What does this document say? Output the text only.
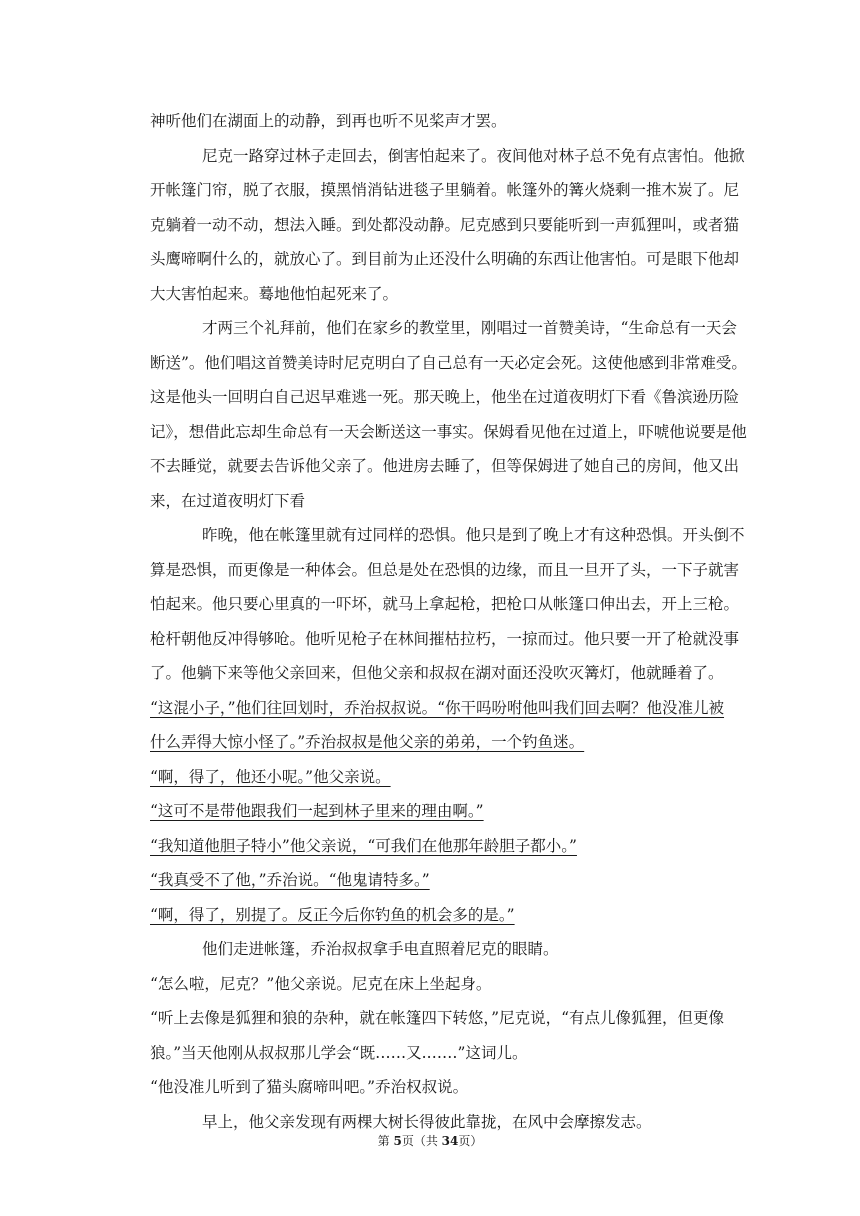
神听他们在湖面上的动静，到再也听不见桨声才罢。
尼克一路穿过林子走回去，倒害怕起来了。夜间他对林子总不免有点害怕。他掀
开帐篷门帘，脱了衣服，摸黑悄消钻进毯子里躺着。帐篷外的篝火烧剩一推木炭了。尼
克躺着一动不动，想法入睡。到处都没动静。尼克感到只要能听到一声狐狸叫，或者猫
头鹰啼啊什么的，就放心了。到目前为止还没什么明确的东西让他害怕。可是眼下他却
大大害怕起来。蓦地他怕起死来了。
才两三个礼拜前，他们在家乡的教堂里，刚唱过一首赞美诗，“生命总有一天会
断送”。他们唱这首赞美诗时尼克明白了自己总有一天必定会死。这使他感到非常难受。
这是他头一回明白自己迟早难逃一死。那天晚上，他坐在过道夜明灯下看《鲁滨逊历险
记》，想借此忘却生命总有一天会断送这一事实。保姆看见他在过道上，吓唬他说要是他
不去睡觉，就要去告诉他父亲了。他进房去睡了，但等保姆进了她自己的房间，他又出
来，在过道夜明灯下看
昨晚，他在帐篷里就有过同样的恐惧。他只是到了晚上才有这种恐惧。开头倒不
算是恐惧，而更像是一种体会。但总是处在恐惧的边缘，而且一旦开了头，一下子就害
怕起来。他只要心里真的一吓坏，就马上拿起枪，把枪口从帐篷口伸出去，开上三枪。
枪杆朝他反冲得够呛。他听见枪子在林间摧枯拉朽，一掠而过。他只要一开了枪就没事
了。他躺下来等他父亲回来，但他父亲和叔叔在湖对面还没吹灭篝灯，他就睡着了。
“这混小子，”他们往回划时，乔治叔叔说。“你干吗吩咐他叫我们回去啊？他没准儿被
什么弄得大惊小怪了。”乔治叔叔是他父亲的弟弟，一个钓鱼迷。
“啊，得了，他还小呢。”他父亲说。
“这可不是带他跟我们一起到林子里来的理由啊。”
“我知道他胆子特小”他父亲说，“可我们在他那年龄胆子都小。”
“我真受不了他，”乔治说。“他鬼请特多。”
“啊，得了，别提了。反正今后你钓鱼的机会多的是。”
他们走进帐篷，乔治叔叔拿手电直照着尼克的眼睛。
“怎么啦，尼克？”他父亲说。尼克在床上坐起身。
“听上去像是狐狸和狼的杂种，就在帐篷四下转悠，”尼克说，“有点儿像狐狸，但更像
狼。”当天他刚从叔叔那儿学会“既……又.……”这词儿。
“他没准儿听到了猫头腐啼叫吧。”乔治权叔说。
早上，他父亲发现有两棵大树长得彼此靠拢，在风中会摩擦发志。
第 5页（共 34页）
